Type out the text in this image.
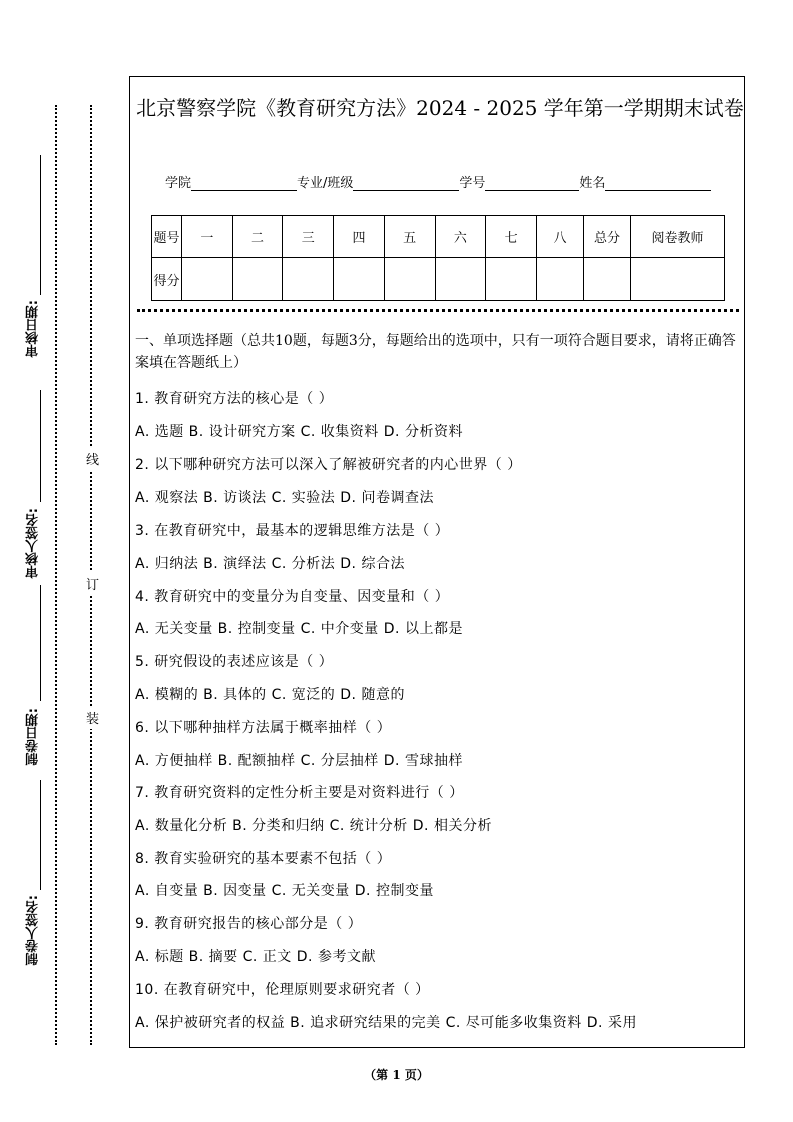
审核日期:
审核人签名:
制卷日期:
制卷人签名:
线
订
装
北京警察学院《教育研究方法》2024 - 2025 学年第一学期期末试卷
学院	专业/班级	学号	姓名
题号	一	二	三	四	五	六	七	八	总分	阅卷教师
得分										
一、单项选择题（总共10题，每题3分，每题给出的选项中，只有一项符合题目要求，请将正确答案填在答题纸上）
1. 教育研究方法的核心是（ ）
A. 选题 B. 设计研究方案 C. 收集资料 D. 分析资料
2. 以下哪种研究方法可以深入了解被研究者的内心世界（ ）
A. 观察法 B. 访谈法 C. 实验法 D. 问卷调查法
3. 在教育研究中，最基本的逻辑思维方法是（ ）
A. 归纳法 B. 演绎法 C. 分析法 D. 综合法
4. 教育研究中的变量分为自变量、因变量和（ ）
A. 无关变量 B. 控制变量 C. 中介变量 D. 以上都是
5. 研究假设的表述应该是（ ）
A. 模糊的 B. 具体的 C. 宽泛的 D. 随意的
6. 以下哪种抽样方法属于概率抽样（ ）
A. 方便抽样 B. 配额抽样 C. 分层抽样 D. 雪球抽样
7. 教育研究资料的定性分析主要是对资料进行（ ）
A. 数量化分析 B. 分类和归纳 C. 统计分析 D. 相关分析
8. 教育实验研究的基本要素不包括（ ）
A. 自变量 B. 因变量 C. 无关变量 D. 控制变量
9. 教育研究报告的核心部分是（ ）
A. 标题 B. 摘要 C. 正文 D. 参考文献
10. 在教育研究中，伦理原则要求研究者（ ）
A. 保护被研究者的权益 B. 追求研究结果的完美 C. 尽可能多收集资料 D. 采用
（第 1 页）
